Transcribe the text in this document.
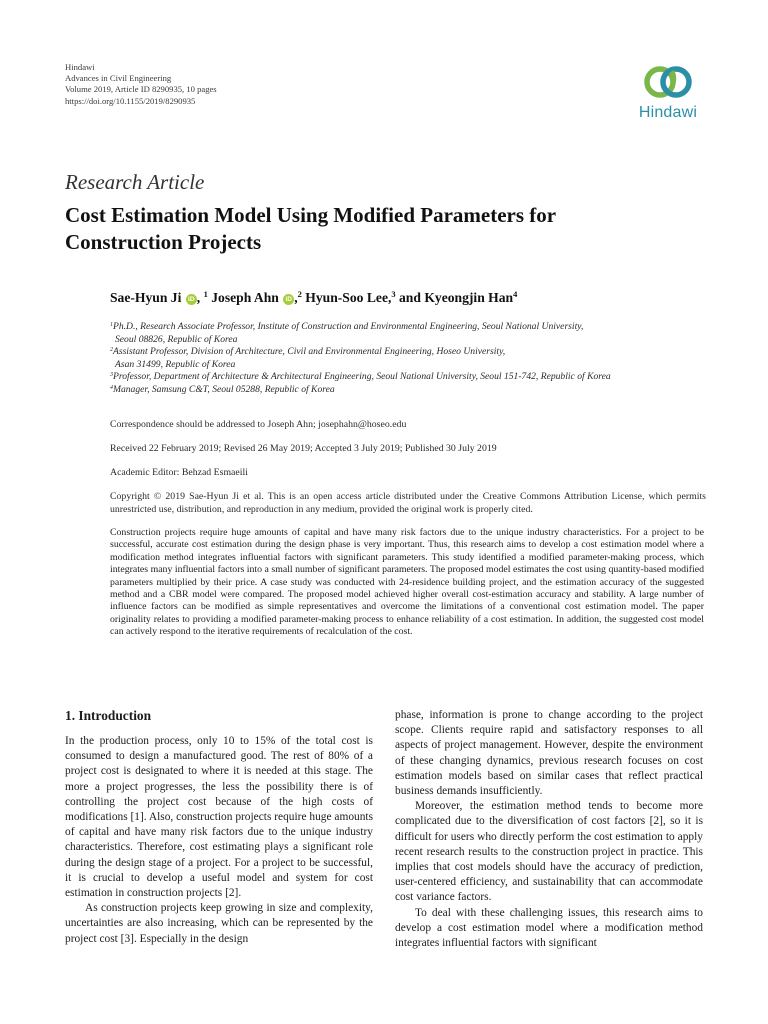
Hindawi
Advances in Civil Engineering
Volume 2019, Article ID 8290935, 10 pages
https://doi.org/10.1155/2019/8290935
Hindawi
Research Article
Cost Estimation Model Using Modified Parameters for Construction Projects
Sae-Hyun Ji iD , $^1$ Joseph Ahn iD ,$^2$ Hyun-Soo Lee,$^3$ and Kyeongjin Han$^4$
$^1$Ph.D., Research Associate Professor, Institute of Construction and Environmental Engineering, Seoul National University,
Seoul 08826, Republic of Korea
$^2$Assistant Professor, Division of Architecture, Civil and Environmental Engineering, Hoseo University,
Asan 31499, Republic of Korea
$^3$Professor, Department of Architecture & Architectural Engineering, Seoul National University, Seoul 151-742, Republic of Korea
$^4$Manager, Samsung C&T, Seoul 05288, Republic of Korea
Correspondence should be addressed to Joseph Ahn; josephahn@hoseo.edu
Received 22 February 2019; Revised 26 May 2019; Accepted 3 July 2019; Published 30 July 2019
Academic Editor: Behzad Esmaeili
Copyright © 2019 Sae-Hyun Ji et al. This is an open access article distributed under the Creative Commons Attribution License, which permits unrestricted use, distribution, and reproduction in any medium, provided the original work is properly cited.
Construction projects require huge amounts of capital and have many risk factors due to the unique industry characteristics. For a project to be successful, accurate cost estimation during the design phase is very important. Thus, this research aims to develop a cost estimation model where a modification method integrates influential factors with significant parameters. This study identified a modified parameter-making process, which integrates many influential factors into a small number of significant parameters. The proposed model estimates the cost using quantity-based modified parameters multiplied by their price. A case study was conducted with 24-residence building project, and the estimation accuracy of the suggested method and a CBR model were compared. The proposed model achieved higher overall cost-estimation accuracy and stability. A large number of influence factors can be modified as simple representatives and overcome the limitations of a conventional cost estimation model. The paper originality relates to providing a modified parameter-making process to enhance reliability of a cost estimation. In addition, the suggested cost model can actively respond to the iterative requirements of recalculation of the cost.
1. Introduction

In the production process, only 10 to 15% of the total cost is consumed to design a manufactured good. The rest of 80% of a project cost is designated to where it is needed at this stage. The more a project progresses, the less the possibility there is of controlling the project cost because of the high costs of modifications [1]. Also, construction projects require huge amounts of capital and have many risk factors due to the unique industry characteristics. Therefore, cost estimating plays a significant role during the design stage of a project. For a project to be successful, it is crucial to develop a useful model and system for cost estimation in construction projects [2].

As construction projects keep growing in size and complexity, uncertainties are also increasing, which can be represented by the project cost [3]. Especially in the design

phase, information is prone to change according to the project scope. Clients require rapid and satisfactory responses to all aspects of project management. However, despite the environment of these changing dynamics, previous research focuses on cost estimation models based on similar cases that reflect practical business demands insufficiently.

Moreover, the estimation method tends to become more complicated due to the diversification of cost factors [2], so it is difficult for users who directly perform the cost estimation to apply recent research results to the construction project in practice. This implies that cost models should have the accuracy of prediction, user-centered efficiency, and sustainability that can accommodate cost variance factors.

To deal with these challenging issues, this research aims to develop a cost estimation model where a modification method integrates influential factors with significant
